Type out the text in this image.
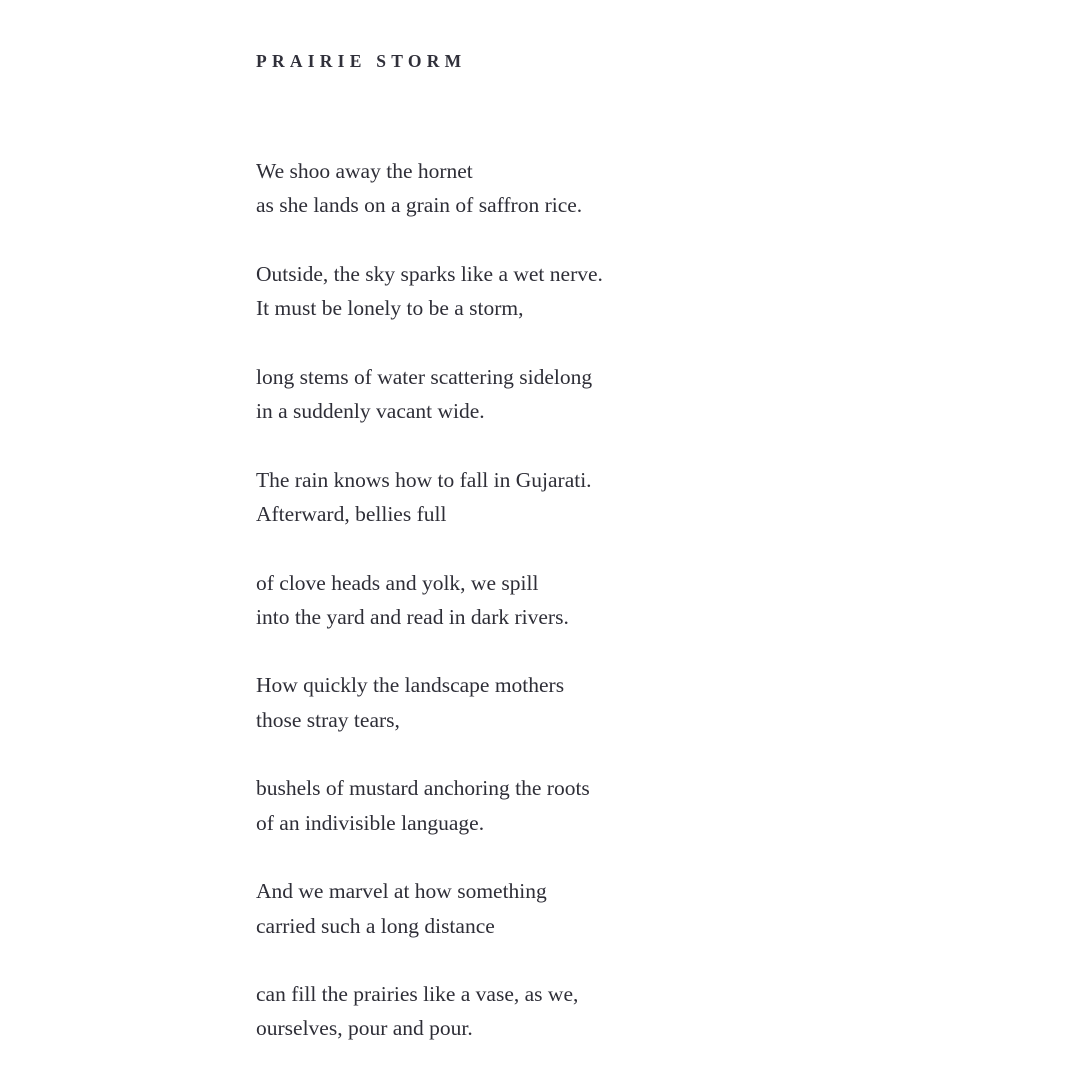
PRAIRIE STORM

We shoo away the hornet
as she lands on a grain of saffron rice.

Outside, the sky sparks like a wet nerve.
It must be lonely to be a storm,

long stems of water scattering sidelong
in a suddenly vacant wide.

The rain knows how to fall in Gujarati.
Afterward, bellies full

of clove heads and yolk, we spill
into the yard and read in dark rivers.

How quickly the landscape mothers
those stray tears,

bushels of mustard anchoring the roots
of an indivisible language.

And we marvel at how something
carried such a long distance

can fill the prairies like a vase, as we,
ourselves, pour and pour.
